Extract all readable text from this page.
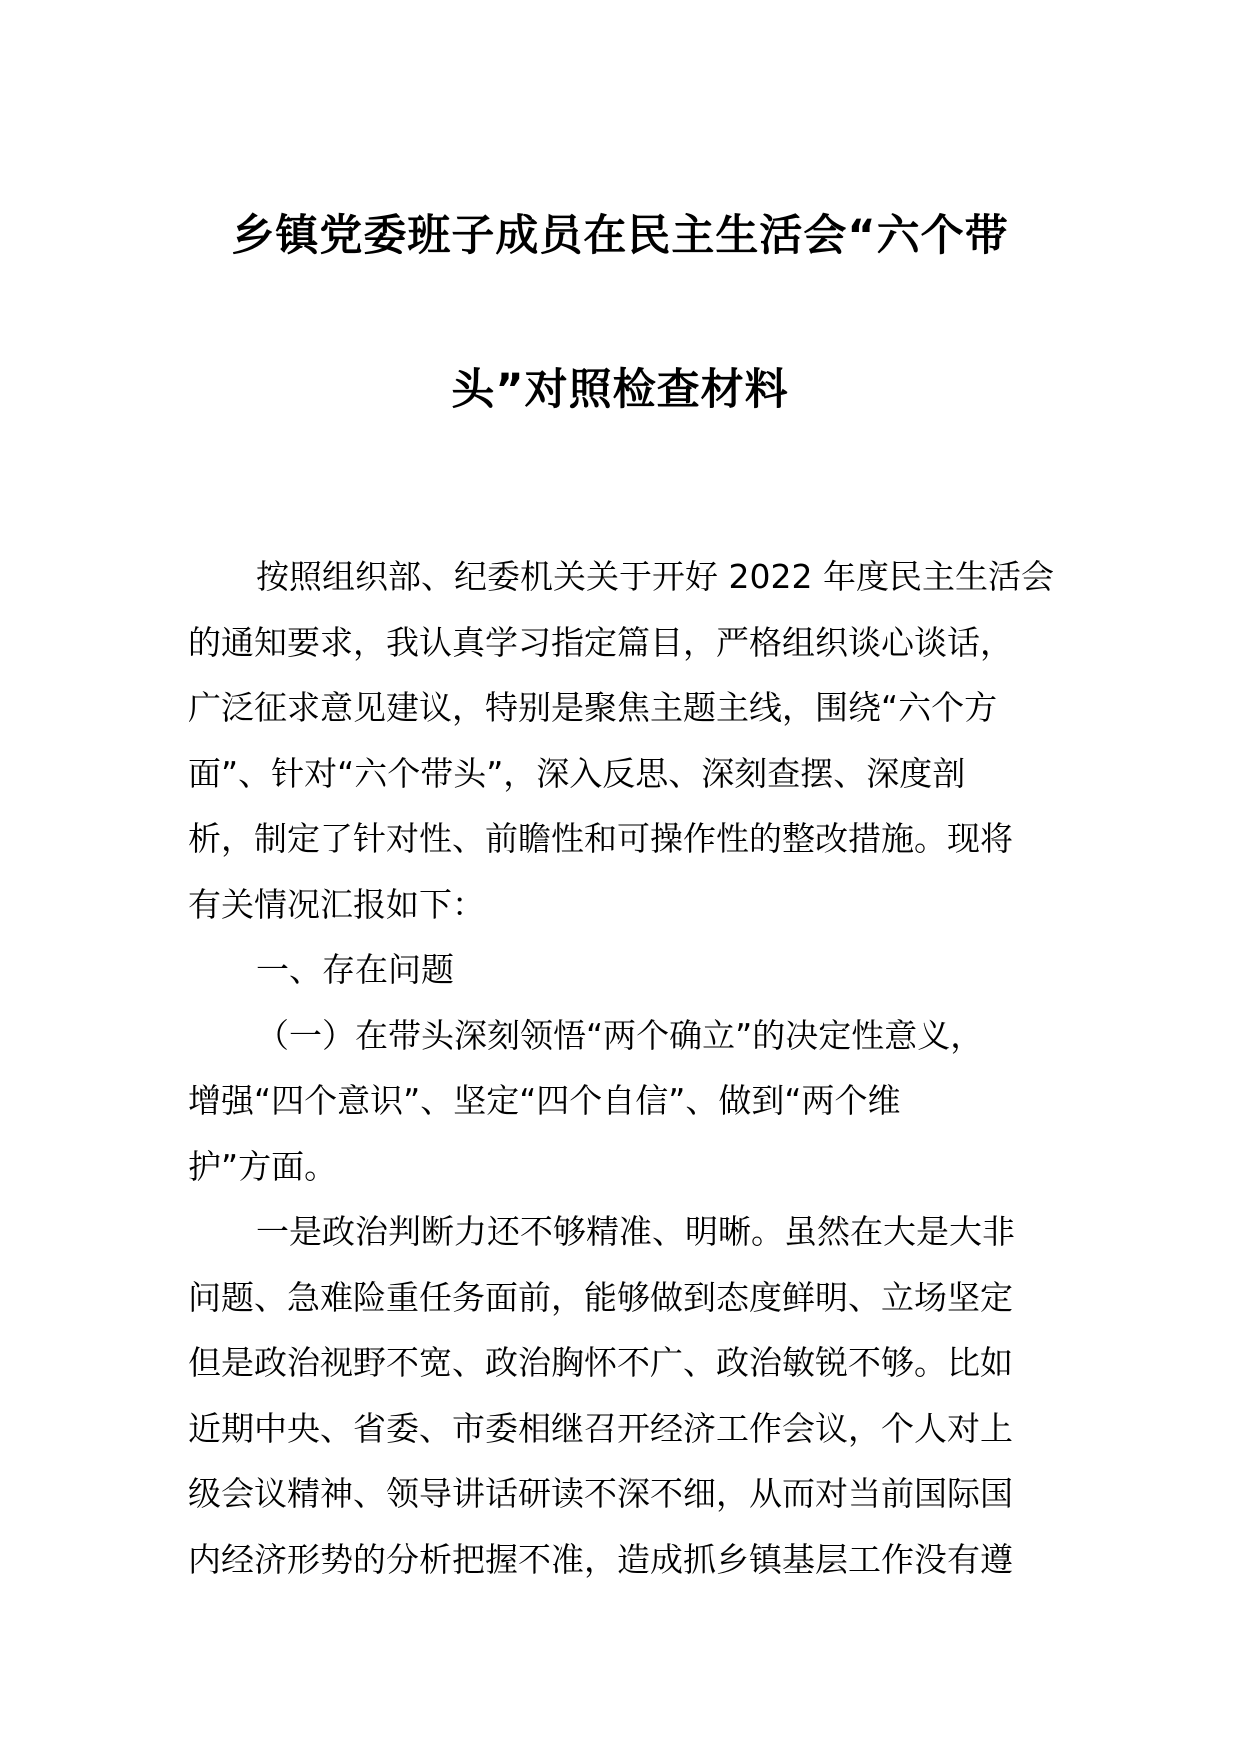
乡镇党委班子成员在民主生活会“六个带
头”对照检查材料
按照组织部、纪委机关关于开好 2022 年度民主生活会
的通知要求，我认真学习指定篇目，严格组织谈心谈话，
广泛征求意见建议，特别是聚焦主题主线，围绕“六个方
面”、针对“六个带头”，深入反思、深刻查摆、深度剖
析，制定了针对性、前瞻性和可操作性的整改措施。现将
有关情况汇报如下：
一、存在问题
（一）在带头深刻领悟“两个确立”的决定性意义，
增强“四个意识”、坚定“四个自信”、做到“两个维
护”方面。
一是政治判断力还不够精准、明晰。虽然在大是大非
问题、急难险重任务面前，能够做到态度鲜明、立场坚定
但是政治视野不宽、政治胸怀不广、政治敏锐不够。比如
近期中央、省委、市委相继召开经济工作会议，个人对上
级会议精神、领导讲话研读不深不细，从而对当前国际国
内经济形势的分析把握不准，造成抓乡镇基层工作没有遵
